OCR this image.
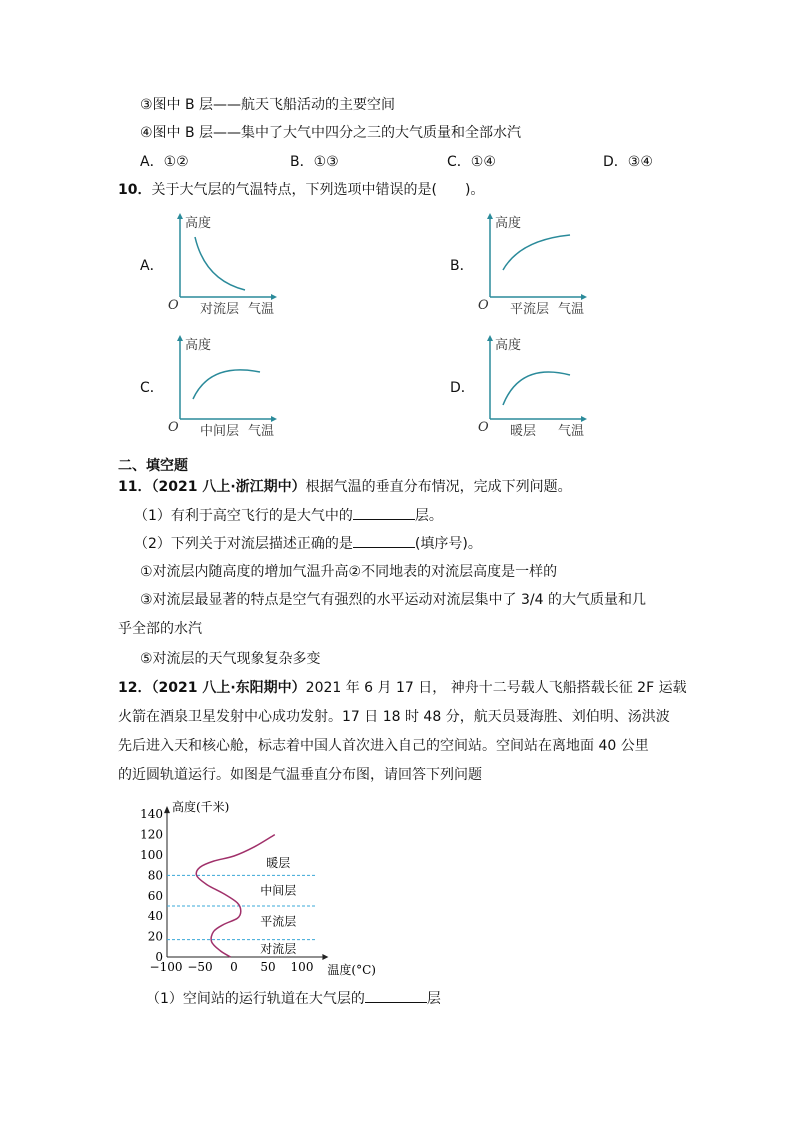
③图中 B 层——航天飞船活动的主要空间
④图中 B 层——集中了大气中四分之三的大气质量和全部水汽
A．①②	B．①③	C．①④	D．③④
10．关于大气层的气温特点，下列选项中错误的是(　　)。
A．
高度
O 对流层 气温
B．
高度
O 平流层 气温
C．
高度
O 中间层 气温
D．
高度
O 暖层 气温
二、填空题
11．（2021 八上·浙江期中）根据气温的垂直分布情况，完成下列问题。
（1）有利于高空飞行的是大气中的	层。
（2）下列关于对流层描述正确的是	(填序号)。
①对流层内随高度的增加气温升高②不同地表的对流层高度是一样的
③对流层最显著的特点是空气有强烈的水平运动对流层集中了 3/4 的大气质量和几
乎全部的水汽
⑤对流层的天气现象复杂多变
12．（2021 八上·东阳期中）2021 年 6 月 17 日， 神舟十二号载人飞船搭载长征 2F 运载
火箭在酒泉卫星发射中心成功发射。17 日 18 时 48 分，航天员聂海胜、刘伯明、汤洪波
先后进入天和核心舱，标志着中国人首次进入自己的空间站。空间站在离地面 40 公里
的近圆轨道运行。如图是气温垂直分布图，请回答下列问题
高度(千米)
温度(°C)
0
20
40
60
80
100
120
140
−100 −50 0 50 100
对流层
平流层
中间层
暖层
（1）空间站的运行轨道在大气层的	层
